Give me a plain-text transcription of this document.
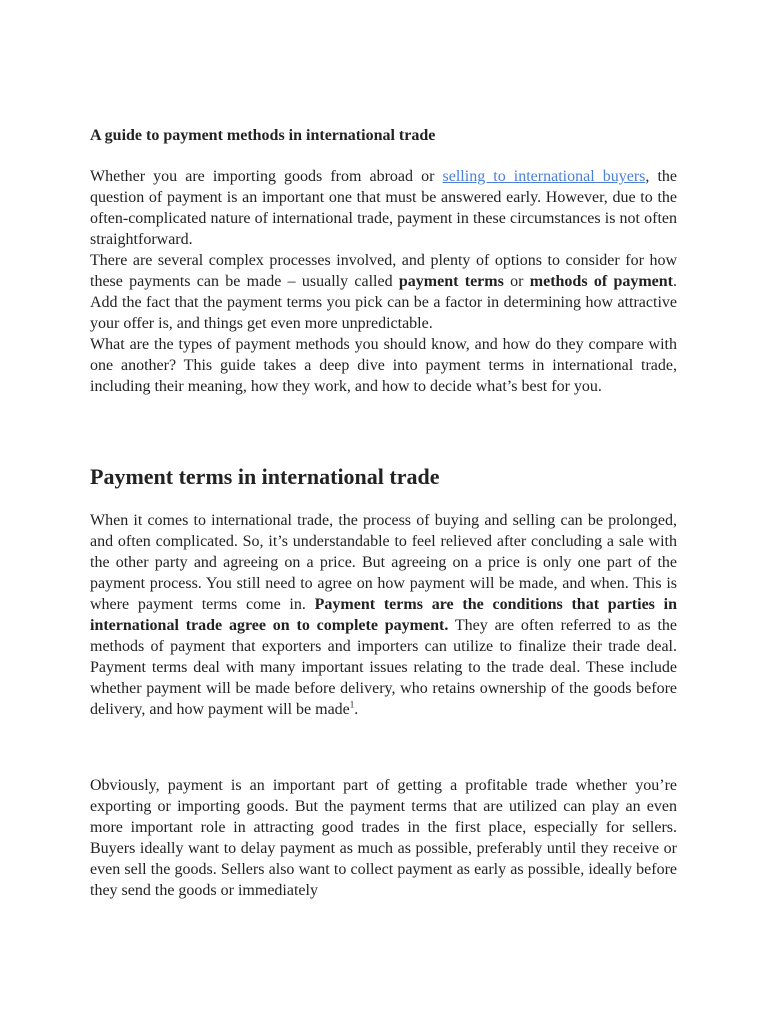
A guide to payment methods in international trade

Whether you are importing goods from abroad or selling to international buyers, the question of payment is an important one that must be answered early. However, due to the often-complicated nature of international trade, payment in these circumstances is not often straightforward.

There are several complex processes involved, and plenty of options to consider for how these payments can be made – usually called payment terms or methods of payment. Add the fact that the payment terms you pick can be a factor in determining how attractive your offer is, and things get even more unpredictable.

What are the types of payment methods you should know, and how do they compare with one another? This guide takes a deep dive into payment terms in international trade, including their meaning, how they work, and how to decide what’s best for you.

Payment terms in international trade

When it comes to international trade, the process of buying and selling can be prolonged, and often complicated. So, it’s understandable to feel relieved after concluding a sale with the other party and agreeing on a price. But agreeing on a price is only one part of the payment process. You still need to agree on how payment will be made, and when. This is where payment terms come in. Payment terms are the conditions that parties in international trade agree on to complete payment. They are often referred to as the methods of payment that exporters and importers can utilize to finalize their trade deal. Payment terms deal with many important issues relating to the trade deal. These include whether payment will be made before delivery, who retains ownership of the goods before delivery, and how payment will be made$^1$.

Obviously, payment is an important part of getting a profitable trade whether you’re exporting or importing goods. But the payment terms that are utilized can play an even more important role in attracting good trades in the first place, especially for sellers. Buyers ideally want to delay payment as much as possible, preferably until they receive or even sell the goods. Sellers also want to collect payment as early as possible, ideally before they send the goods or immediately
